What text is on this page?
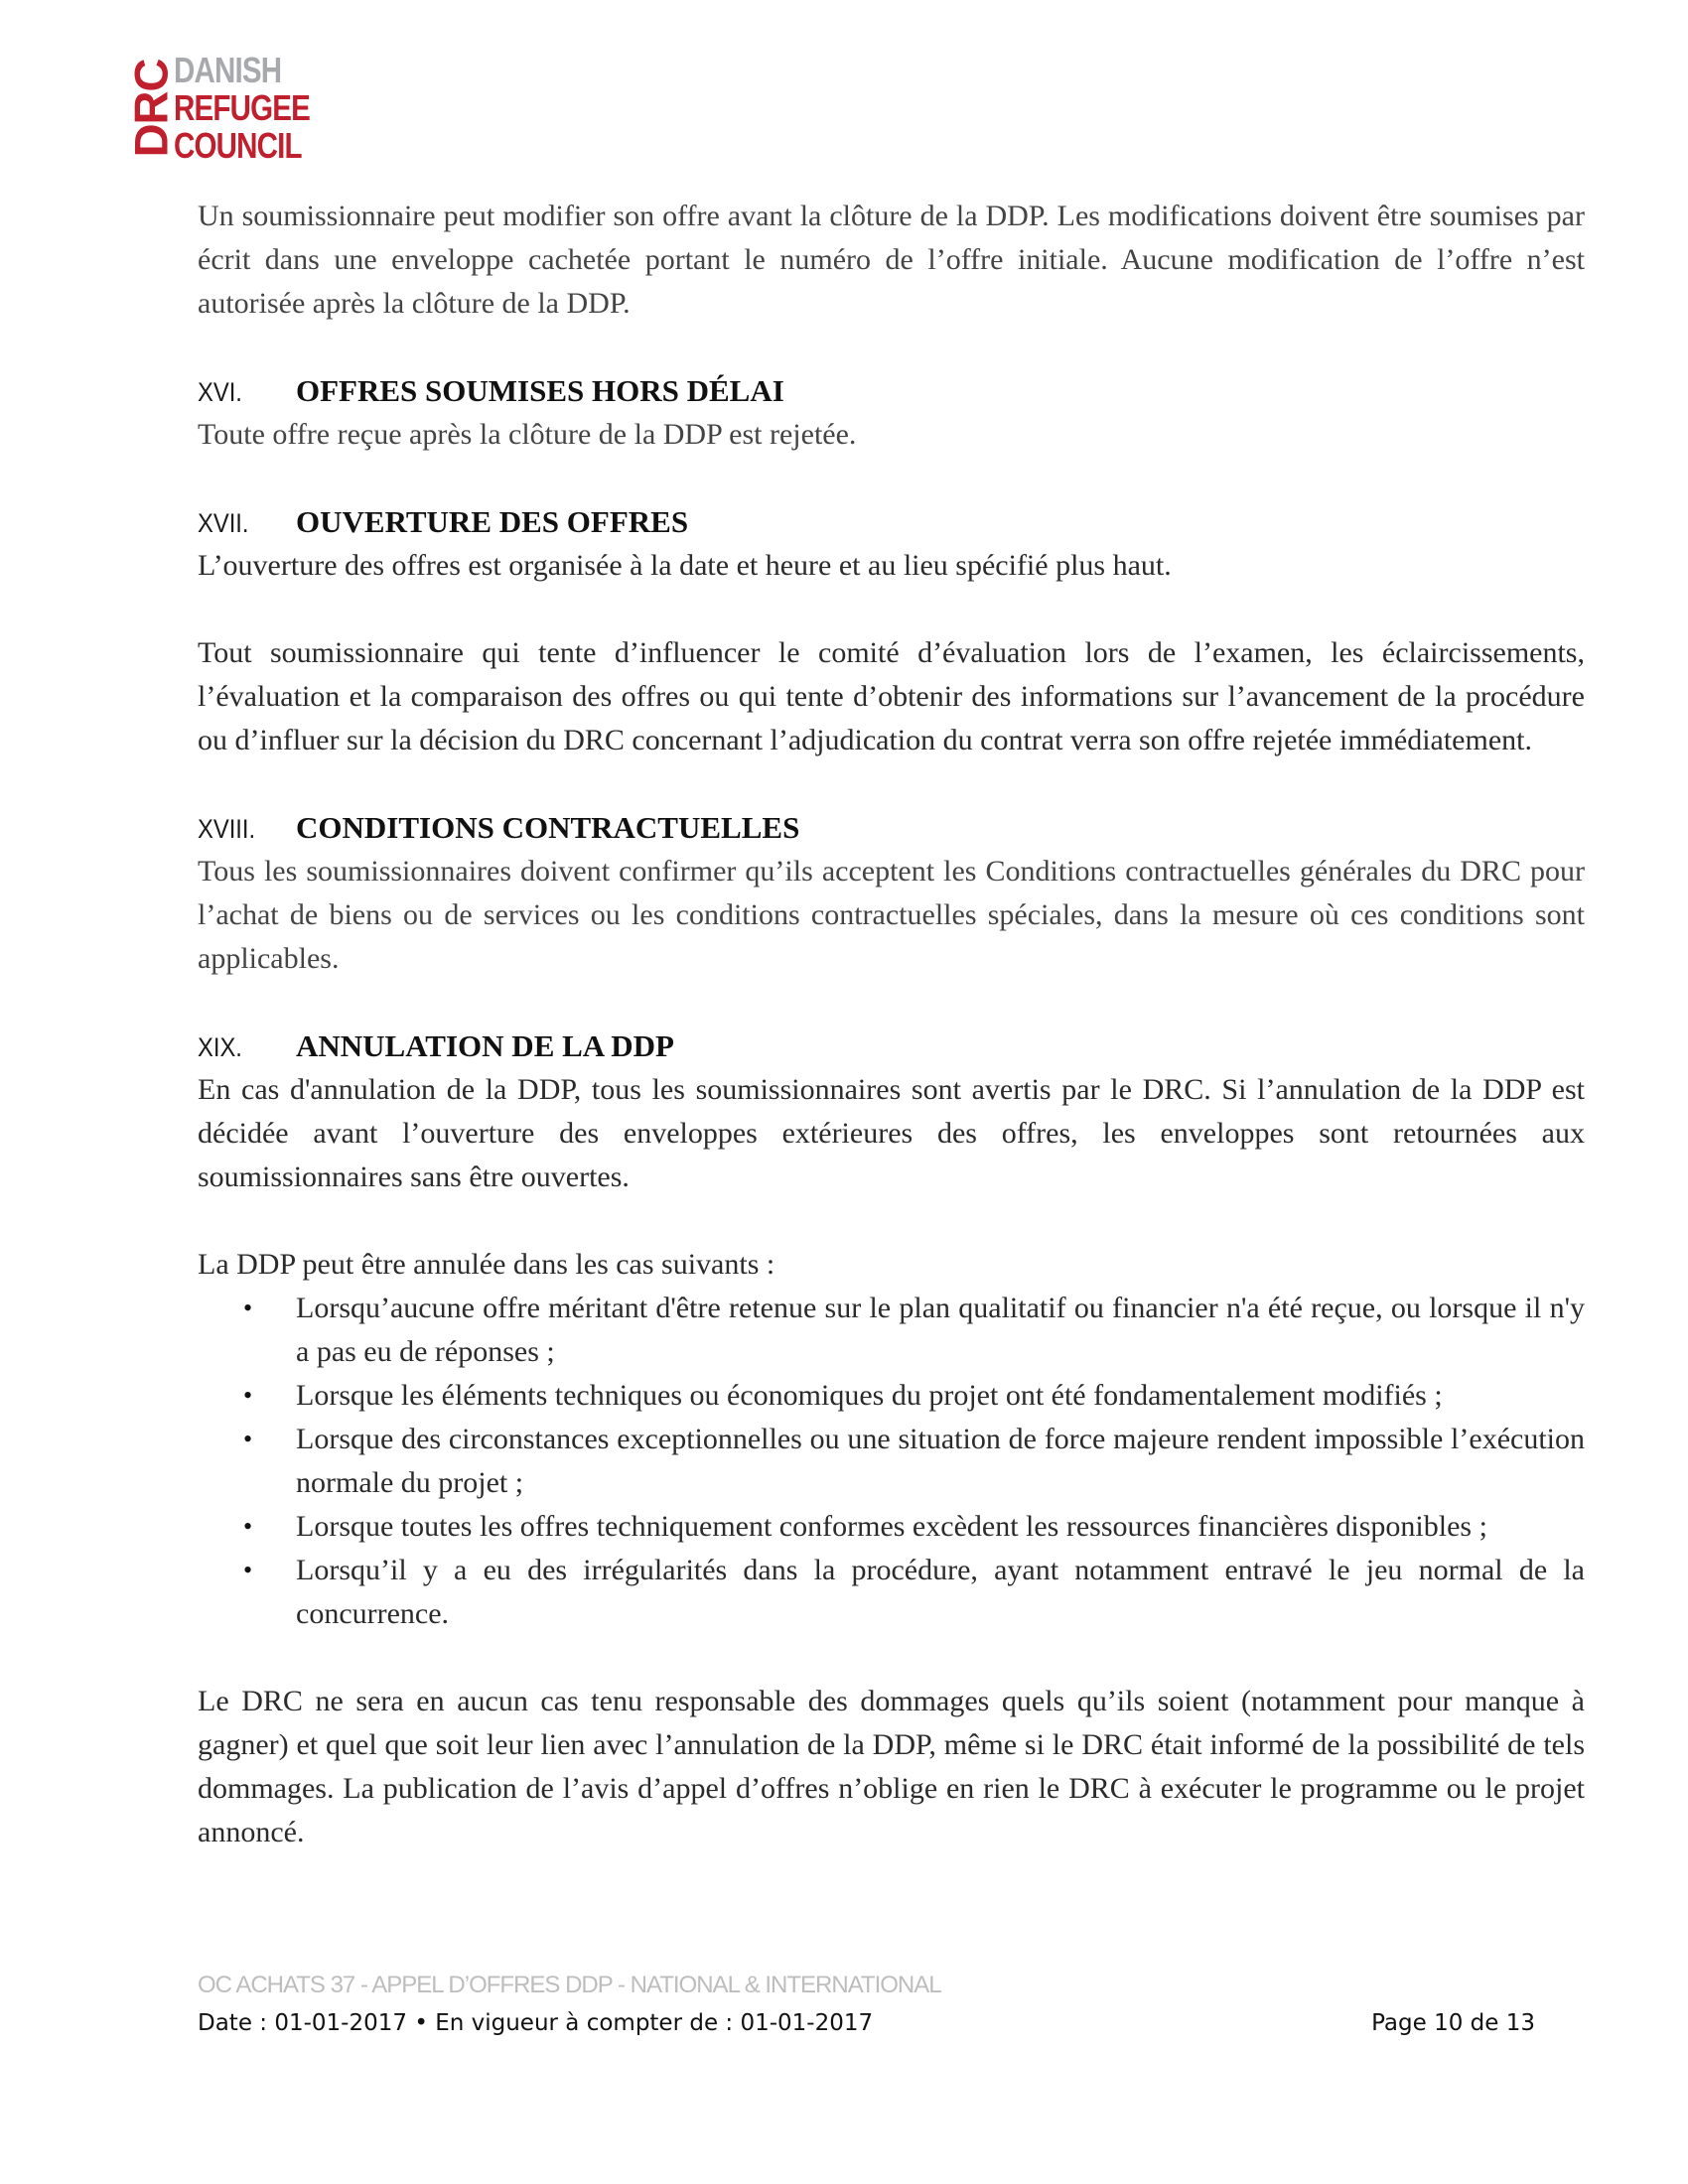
DRC
DANISH
REFUGEE
COUNCIL

Un soumissionnaire peut modifier son offre avant la clôture de la DDP. Les modifications doivent être soumises par écrit dans une enveloppe cachetée portant le numéro de l’offre initiale. Aucune modification de l’offre n’est autorisée après la clôture de la DDP.

XVI.	OFFRES SOUMISES HORS DÉLAI

Toute offre reçue après la clôture de la DDP est rejetée.

XVII.	OUVERTURE DES OFFRES

L’ouverture des offres est organisée à la date et heure et au lieu spécifié plus haut.

Tout soumissionnaire qui tente d’influencer le comité d’évaluation lors de l’examen, les éclaircissements, l’évaluation et la comparaison des offres ou qui tente d’obtenir des informations sur l’avancement de la procédure ou d’influer sur la décision du DRC concernant l’adjudication du contrat verra son offre rejetée immédiatement.

XVIII.	CONDITIONS CONTRACTUELLES

Tous les soumissionnaires doivent confirmer qu’ils acceptent les Conditions contractuelles générales du DRC pour l’achat de biens ou de services ou les conditions contractuelles spéciales, dans la mesure où ces conditions sont applicables.

XIX.	ANNULATION DE LA DDP

En cas d'annulation de la DDP, tous les soumissionnaires sont avertis par le DRC. Si l’annulation de la DDP est décidée avant l’ouverture des enveloppes extérieures des offres, les enveloppes sont retournées aux soumissionnaires sans être ouvertes.

La DDP peut être annulée dans les cas suivants :

• Lorsqu’aucune offre méritant d'être retenue sur le plan qualitatif ou financier n'a été reçue, ou lorsque il n'y a pas eu de réponses ;
• Lorsque les éléments techniques ou économiques du projet ont été fondamentalement modifiés ;
• Lorsque des circonstances exceptionnelles ou une situation de force majeure rendent impossible l’exécution normale du projet ;
• Lorsque toutes les offres techniquement conformes excèdent les ressources financières disponibles ;
• Lorsqu’il y a eu des irrégularités dans la procédure, ayant notamment entravé le jeu normal de la concurrence.

Le DRC ne sera en aucun cas tenu responsable des dommages quels qu’ils soient (notamment pour manque à gagner) et quel que soit leur lien avec l’annulation de la DDP, même si le DRC était informé de la possibilité de tels dommages. La publication de l’avis d’appel d’offres n’oblige en rien le DRC à exécuter le programme ou le projet annoncé.

OC ACHATS 37 - APPEL D’OFFRES DDP - NATIONAL & INTERNATIONAL
Date : 01-01-2017 • En vigueur à compter de : 01-01-2017	Page 10 de 13
